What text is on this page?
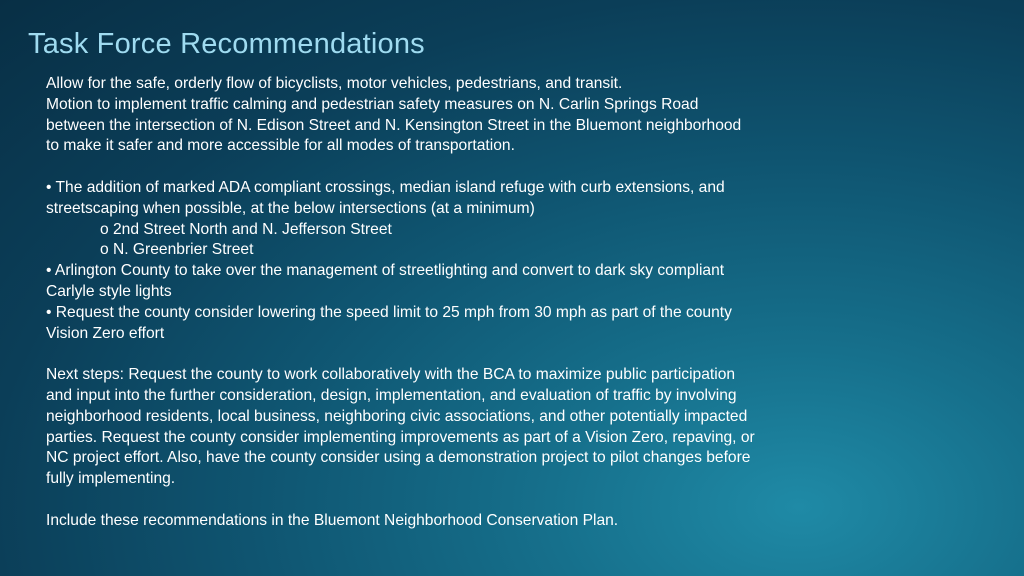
Task Force Recommendations
Allow for the safe, orderly flow of bicyclists, motor vehicles, pedestrians, and transit.
Motion to implement traffic calming and pedestrian safety measures on N. Carlin Springs Road
between the intersection of N. Edison Street and N. Kensington Street in the Bluemont neighborhood
to make it safer and more accessible for all modes of transportation.
• The addition of marked ADA compliant crossings, median island refuge with curb extensions, and
streetscaping when possible, at the below intersections (at a minimum)
o 2nd Street North and N. Jefferson Street
o N. Greenbrier Street
• Arlington County to take over the management of streetlighting and convert to dark sky compliant
Carlyle style lights
• Request the county consider lowering the speed limit to 25 mph from 30 mph as part of the county
Vision Zero effort
Next steps: Request the county to work collaboratively with the BCA to maximize public participation
and input into the further consideration, design, implementation, and evaluation of traffic by involving
neighborhood residents, local business, neighboring civic associations, and other potentially impacted
parties. Request the county consider implementing improvements as part of a Vision Zero, repaving, or
NC project effort. Also, have the county consider using a demonstration project to pilot changes before
fully implementing.
Include these recommendations in the Bluemont Neighborhood Conservation Plan.
